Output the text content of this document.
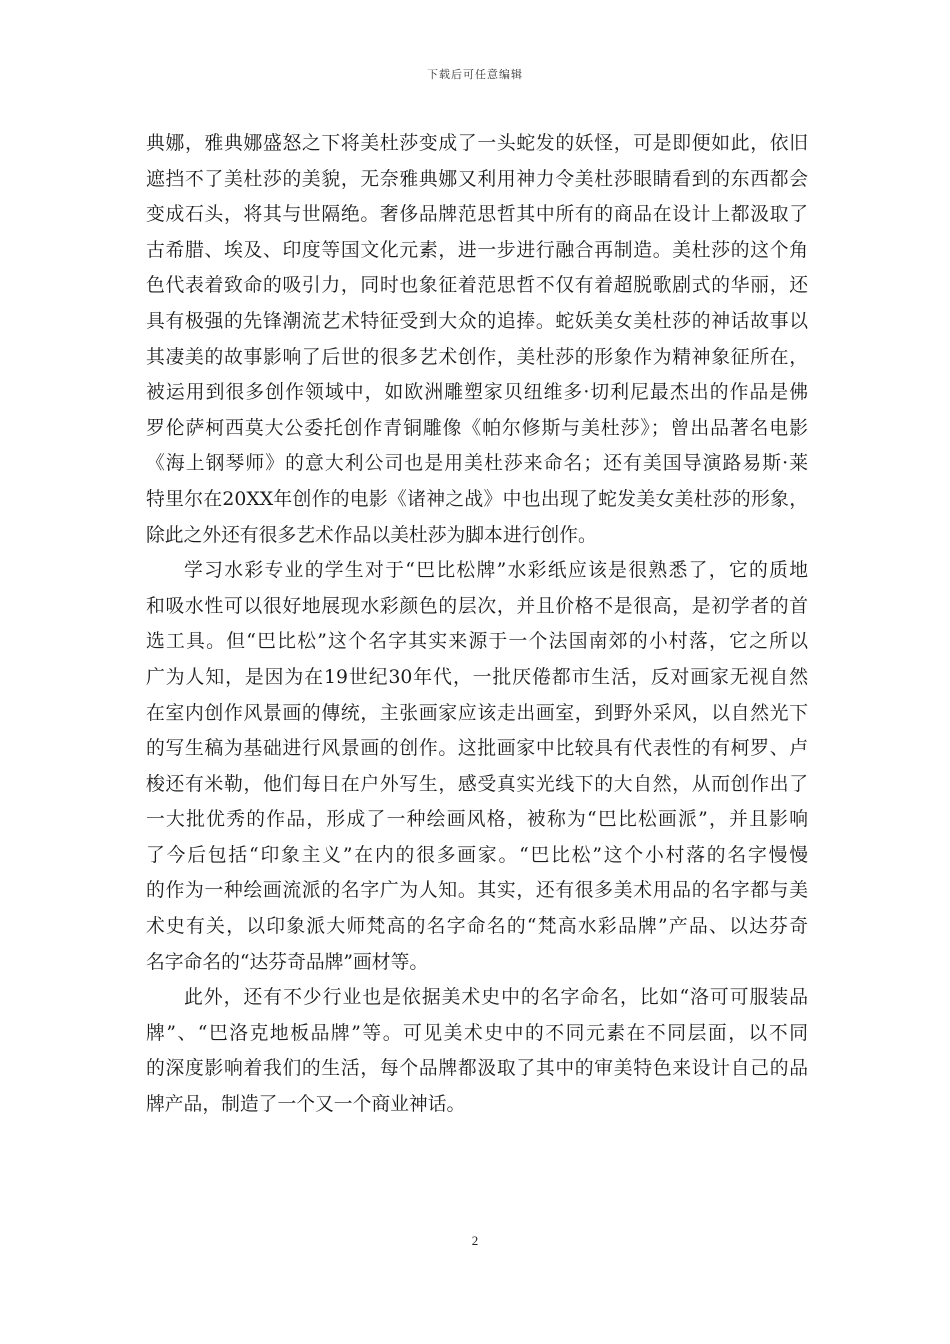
下载后可任意编辑
典娜，雅典娜盛怒之下将美杜莎变成了一头蛇发的妖怪，可是即便如此，依旧
遮挡不了美杜莎的美貌，无奈雅典娜又利用神力令美杜莎眼睛看到的东西都会
变成石头，将其与世隔绝。奢侈品牌范思哲其中所有的商品在设计上都汲取了
古希腊、埃及、印度等国文化元素，进一步进行融合再制造。美杜莎的这个角
色代表着致命的吸引力，同时也象征着范思哲不仅有着超脱歌剧式的华丽，还
具有极强的先锋潮流艺术特征受到大众的追捧。蛇妖美女美杜莎的神话故事以
其凄美的故事影响了后世的很多艺术创作，美杜莎的形象作为精神象征所在，
被运用到很多创作领域中，如欧洲雕塑家贝纽维多·切利尼最杰出的作品是佛
罗伦萨柯西莫大公委托创作青铜雕像《帕尔修斯与美杜莎》；曾出品著名电影
《海上钢琴师》的意大利公司也是用美杜莎来命名；还有美国导演路易斯·莱
特里尔在20XX年创作的电影《诸神之战》中也出现了蛇发美女美杜莎的形象，
除此之外还有很多艺术作品以美杜莎为脚本进行创作。
学习水彩专业的学生对于“巴比松牌”水彩纸应该是很熟悉了，它的质地
和吸水性可以很好地展现水彩颜色的层次，并且价格不是很高，是初学者的首
选工具。但“巴比松”这个名字其实来源于一个法国南郊的小村落，它之所以
广为人知，是因为在19世纪30年代，一批厌倦都市生活，反对画家无视自然
在室内创作风景画的傳统，主张画家应该走出画室，到野外采风，以自然光下
的写生稿为基础进行风景画的创作。这批画家中比较具有代表性的有柯罗、卢
梭还有米勒，他们每日在户外写生，感受真实光线下的大自然，从而创作出了
一大批优秀的作品，形成了一种绘画风格，被称为“巴比松画派”，并且影响
了今后包括“印象主义”在内的很多画家。“巴比松”这个小村落的名字慢慢
的作为一种绘画流派的名字广为人知。其实，还有很多美术用品的名字都与美
术史有关，以印象派大师梵高的名字命名的“梵高水彩品牌”产品、以达芬奇
名字命名的“达芬奇品牌”画材等。
此外，还有不少行业也是依据美术史中的名字命名，比如“洛可可服装品
牌”、“巴洛克地板品牌”等。可见美术史中的不同元素在不同层面，以不同
的深度影响着我们的生活，每个品牌都汲取了其中的审美特色来设计自己的品
牌产品，制造了一个又一个商业神话。
2
